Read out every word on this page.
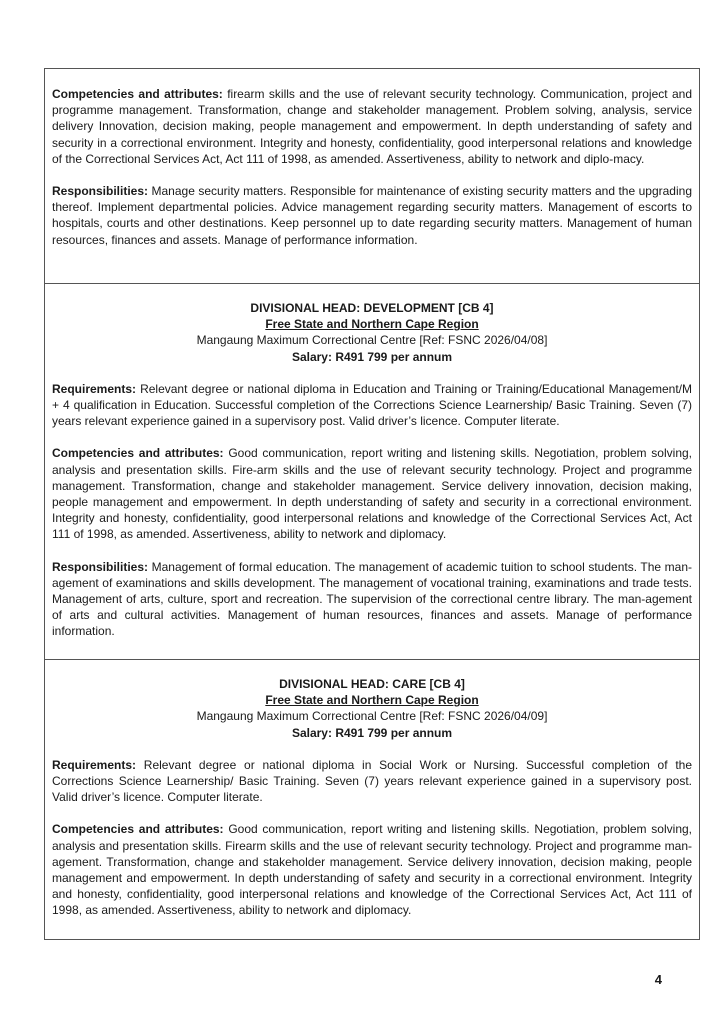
Competencies and attributes: firearm skills and the use of relevant security technology. Communication, project and programme management. Transformation, change and stakeholder management. Problem solving, analysis, service delivery Innovation, decision making, people management and empowerment. In depth understanding of safety and security in a correctional environment. Integrity and honesty, confidentiality, good interpersonal relations and knowledge of the Correctional Services Act, Act 111 of 1998, as amended. Assertiveness, ability to network and diplo-macy.

Responsibilities: Manage security matters. Responsible for maintenance of existing security matters and the upgrading thereof. Implement departmental policies. Advice management regarding security matters. Management of escorts to hospitals, courts and other destinations. Keep personnel up to date regarding security matters. Management of human resources, finances and assets. Manage of performance information.

DIVISIONAL HEAD: DEVELOPMENT [CB 4]
Free State and Northern Cape Region
Mangaung Maximum Correctional Centre [Ref: FSNC 2026/04/08]
Salary: R491 799 per annum

Requirements: Relevant degree or national diploma in Education and Training or Training/Educational Management/M + 4 qualification in Education. Successful completion of the Corrections Science Learnership/ Basic Training. Seven (7) years relevant experience gained in a supervisory post. Valid driver’s licence. Computer literate.

Competencies and attributes: Good communication, report writing and listening skills. Negotiation, problem solving, analysis and presentation skills. Fire-arm skills and the use of relevant security technology. Project and programme management. Transformation, change and stakeholder management. Service delivery innovation, decision making, people management and empowerment. In depth understanding of safety and security in a correctional environment. Integrity and honesty, confidentiality, good interpersonal relations and knowledge of the Correctional Services Act, Act 111 of 1998, as amended. Assertiveness, ability to network and diplomacy.

Responsibilities: Management of formal education. The management of academic tuition to school students. The man-agement of examinations and skills development. The management of vocational training, examinations and trade tests. Management of arts, culture, sport and recreation. The supervision of the correctional centre library. The man-agement of arts and cultural activities. Management of human resources, finances and assets. Manage of performance information.

DIVISIONAL HEAD: CARE [CB 4]
Free State and Northern Cape Region
Mangaung Maximum Correctional Centre [Ref: FSNC 2026/04/09]
Salary: R491 799 per annum

Requirements: Relevant degree or national diploma in Social Work or Nursing. Successful completion of the Corrections Science Learnership/ Basic Training. Seven (7) years relevant experience gained in a supervisory post. Valid driver’s licence. Computer literate.

Competencies and attributes: Good communication, report writing and listening skills. Negotiation, problem solving, analysis and presentation skills. Firearm skills and the use of relevant security technology. Project and programme man-agement. Transformation, change and stakeholder management. Service delivery innovation, decision making, people management and empowerment. In depth understanding of safety and security in a correctional environment. Integrity and honesty, confidentiality, good interpersonal relations and knowledge of the Correctional Services Act, Act 111 of 1998, as amended. Assertiveness, ability to network and diplomacy.

4
